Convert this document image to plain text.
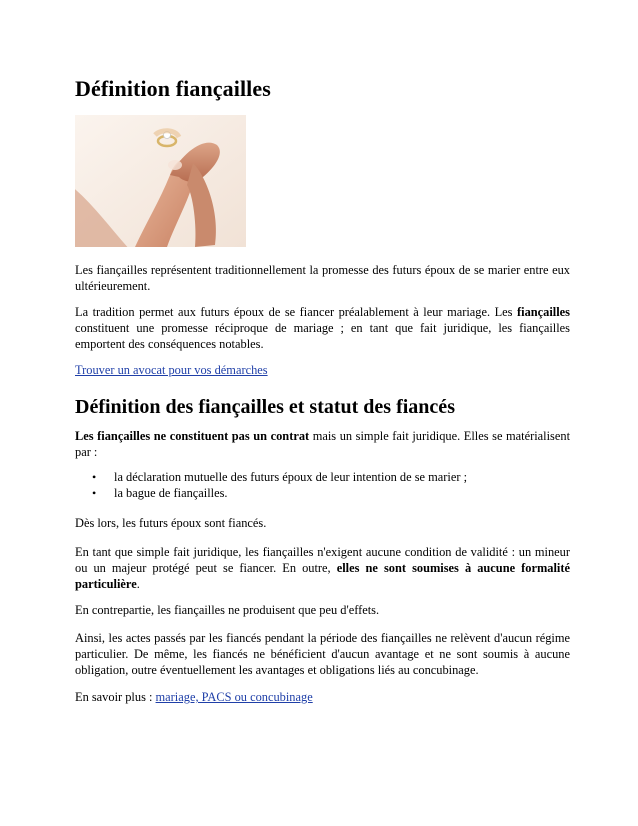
Définition fiançailles

Les fiançailles représentent traditionnellement la promesse des futurs époux de se marier entre eux ultérieurement.

La tradition permet aux futurs époux de se fiancer préalablement à leur mariage. Les fiançailles constituent une promesse réciproque de mariage ; en tant que fait juridique, les fiançailles emportent des conséquences notables.

Trouver un avocat pour vos démarches

Définition des fiançailles et statut des fiancés

Les fiançailles ne constituent pas un contrat mais un simple fait juridique. Elles se matérialisent par :

• la déclaration mutuelle des futurs époux de leur intention de se marier ;
• la bague de fiançailles.

Dès lors, les futurs époux sont fiancés.

En tant que simple fait juridique, les fiançailles n'exigent aucune condition de validité : un mineur ou un majeur protégé peut se fiancer. En outre, elles ne sont soumises à aucune formalité particulière.

En contrepartie, les fiançailles ne produisent que peu d'effets.

Ainsi, les actes passés par les fiancés pendant la période des fiançailles ne relèvent d'aucun régime particulier. De même, les fiancés ne bénéficient d'aucun avantage et ne sont soumis à aucune obligation, outre éventuellement les avantages et obligations liés au concubinage.

En savoir plus : mariage, PACS ou concubinage
